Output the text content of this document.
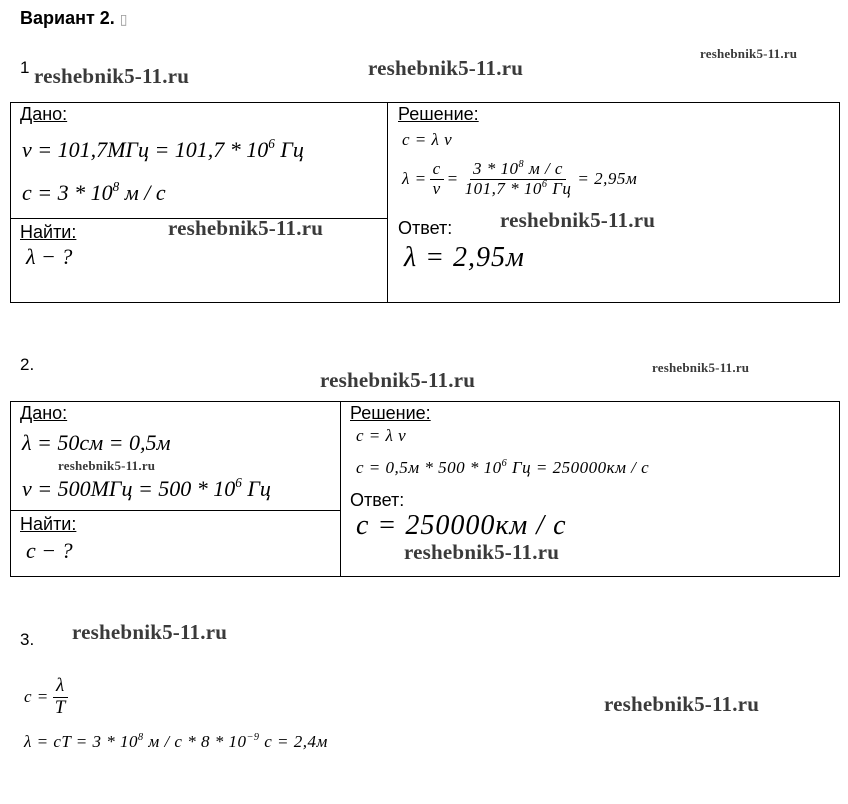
Вариант 2. ▯
1 reshebnik5-11.ru	reshebnik5-11.ru
reshebnik5-11.ru
Дано:
$\nu = 101,7МГц = 101,7 * 10^6$ Гц
$c = 3 * 10^8$ м / с
Найти:	reshebnik5-11.ru
λ − ?
Решение:
c = λ ν
$\lambda = \frac{c}{\nu} = \frac{3 * 10^8 м / с}{101,7 * 10^6 Гц} = 2,95м$
Ответ: reshebnik5-11.ru
λ = 2,95м
2.
reshebnik5-11.ru
reshebnik5-11.ru
Дано:
λ = 50см = 0,5м
reshebnik5-11.ru
$\nu = 500МГц = 500 * 10^6$ Гц
Найти:
c − ?
Решение:
c = λ ν
$c = 0,5м * 500 * 10^6$ Гц = 250000км / с
Ответ:
c = 250000км / с
reshebnik5-11.ru
3. reshebnik5-11.ru
reshebnik5-11.ru
$c = \frac{\lambda}{T}$
λ = cT = $3 * 10^8$ м / с * $8 * 10^{-9}$ с = 2,4м
